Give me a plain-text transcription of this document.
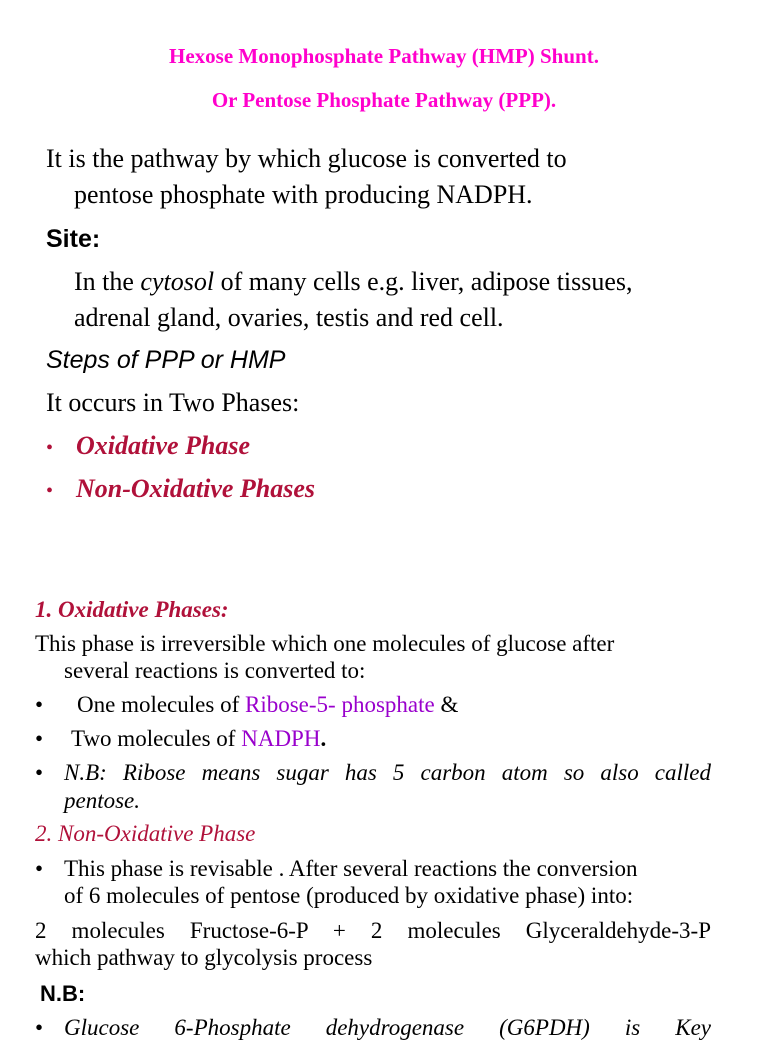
Hexose Monophosphate Pathway (HMP) Shunt.
Or Pentose Phosphate Pathway (PPP).
It is the pathway by which glucose is converted to
pentose phosphate with producing NADPH.
Site:
In the cytosol of many cells e.g. liver, adipose tissues,
adrenal gland, ovaries, testis and red cell.
Steps of PPP or HMP
It occurs in Two Phases:
• Oxidative Phase
• Non-Oxidative Phases
1. Oxidative Phases:
This phase is irreversible which one molecules of glucose after
several reactions is converted to:
• One molecules of Ribose-5- phosphate &
• Two molecules of NADPH.
• N.B: Ribose means sugar has 5 carbon atom so also called
pentose.
2. Non-Oxidative Phase
• This phase is revisable . After several reactions the conversion
of 6 molecules of pentose (produced by oxidative phase) into:
2 molecules Fructose-6-P + 2 molecules Glyceraldehyde-3-P
which pathway to glycolysis process
N.B:
• Glucose 6-Phosphate dehydrogenase (G6PDH) is Key
